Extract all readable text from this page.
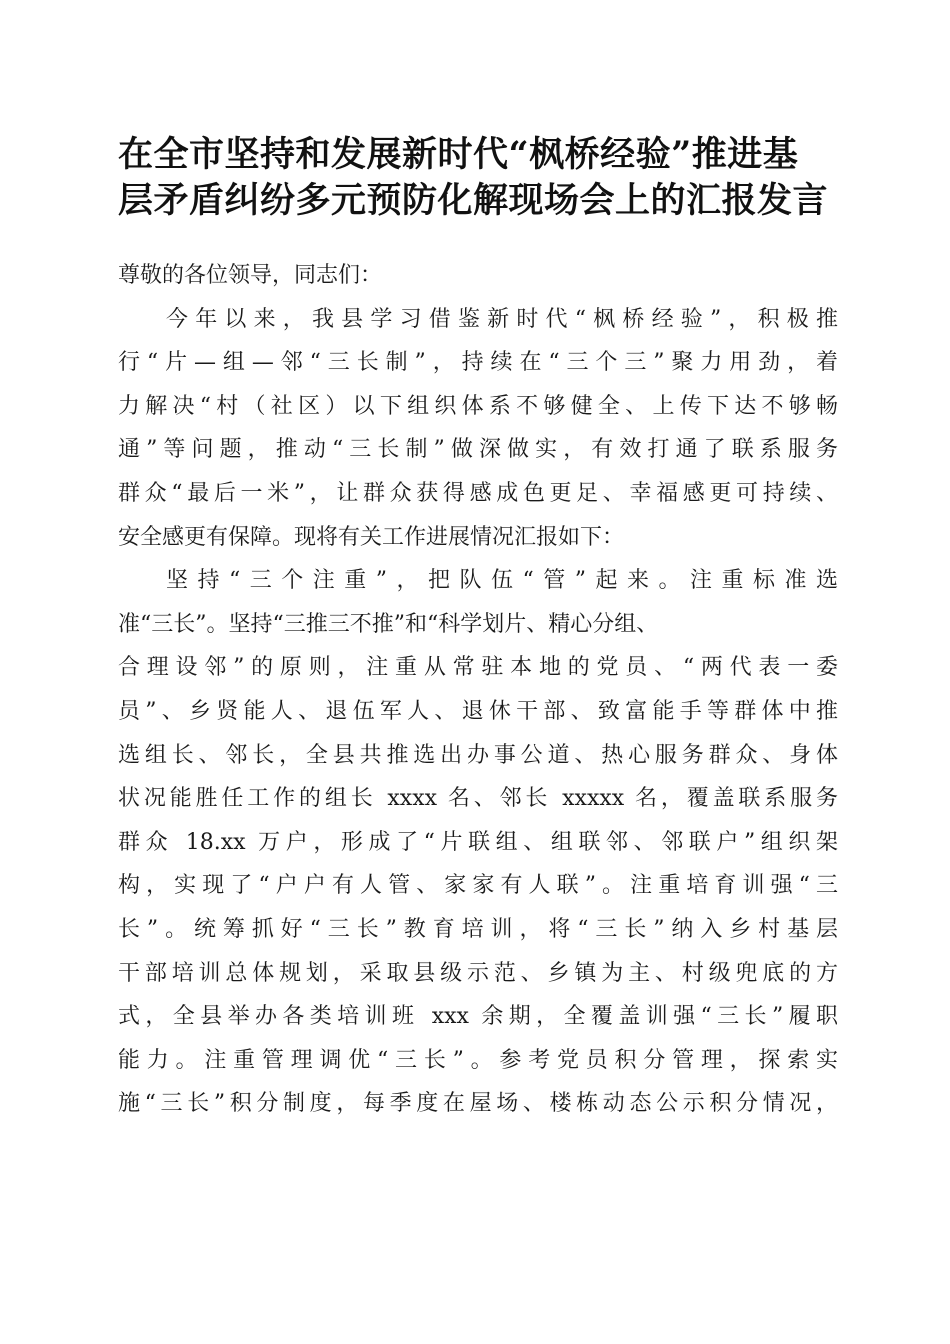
在全市坚持和发展新时代“枫桥经验”推进基
层矛盾纠纷多元预防化解现场会上的汇报发言
尊敬的各位领导，同志们：
今年以来，我县学习借鉴新时代“枫桥经验”，积极推
行“片—组—邻“三长制”，持续在“三个三”聚力用劲，着
力解决“村（社区）以下组织体系不够健全、上传下达不够畅
通”等问题，推动“三长制”做深做实，有效打通了联系服务
群众“最后一米”，让群众获得感成色更足、幸福感更可持续、
安全感更有保障。现将有关工作进展情况汇报如下：
坚持“三个注重”，把队伍“管”起来。注重标准选
准“三长”。坚持“三推三不推”和“科学划片、精心分组、
合理设邻”的原则，注重从常驻本地的党员、“两代表一委
员”、乡贤能人、退伍军人、退休干部、致富能手等群体中推
选组长、邻长，全县共推选出办事公道、热心服务群众、身体
状况能胜任工作的组长 xxxx 名、邻长 xxxxx 名，覆盖联系服务
群众 18.xx 万户，形成了“片联组、组联邻、邻联户”组织架
构，实现了“户户有人管、家家有人联”。注重培育训强“三
长”。统筹抓好“三长”教育培训，将“三长”纳入乡村基层
干部培训总体规划，采取县级示范、乡镇为主、村级兜底的方
式，全县举办各类培训班 xxx 余期，全覆盖训强“三长”履职
能力。注重管理调优“三长”。参考党员积分管理，探索实
施“三长”积分制度，每季度在屋场、楼栋动态公示积分情况，
